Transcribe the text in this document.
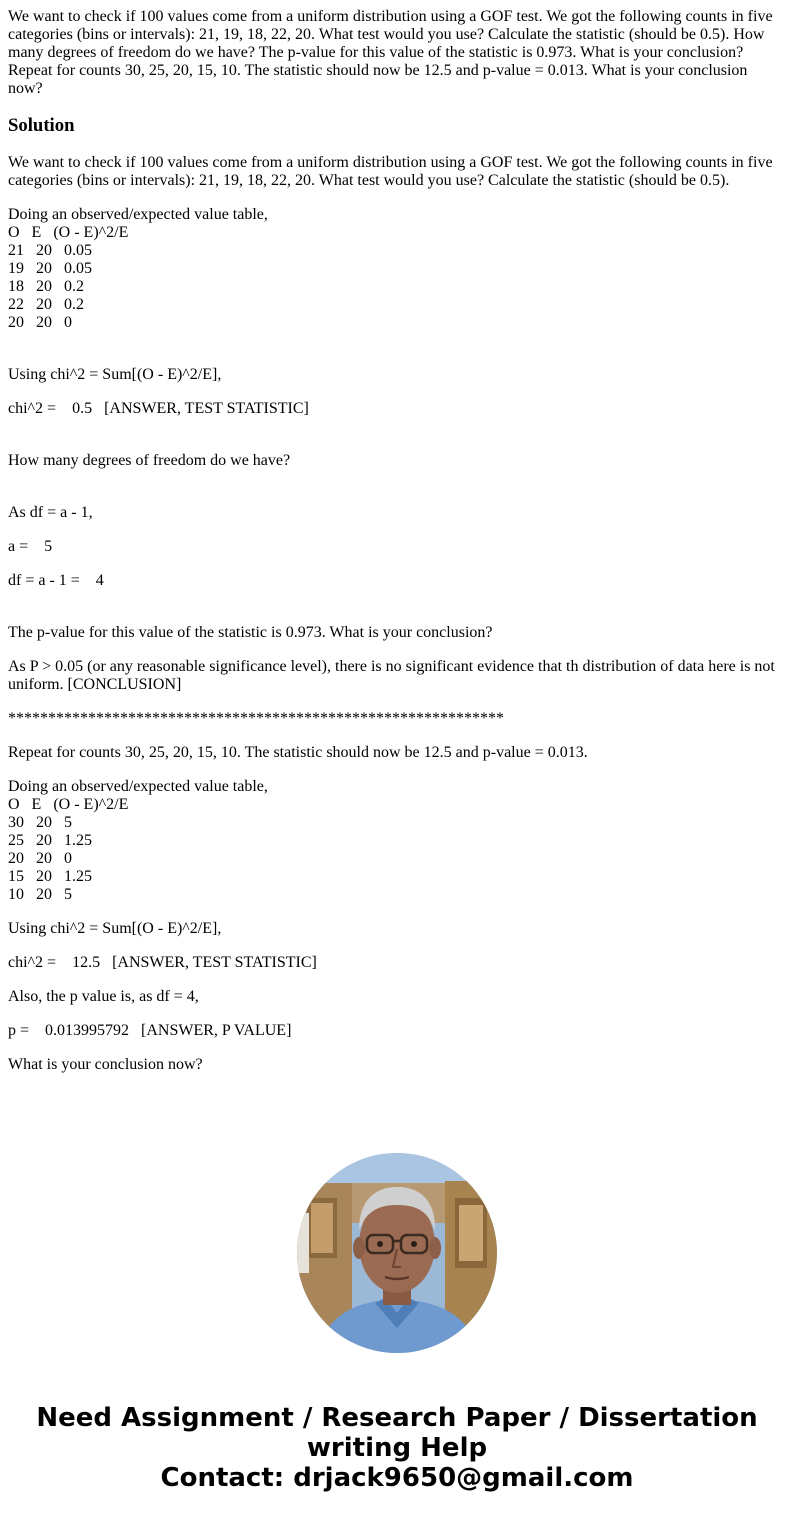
We want to check if 100 values come from a uniform distribution using a GOF test. We got the following counts in five categories (bins or intervals): 21, 19, 18, 22, 20. What test would you use? Calculate the statistic (should be 0.5). How many degrees of freedom do we have? The p-value for this value of the statistic is 0.973. What is your conclusion? Repeat for counts 30, 25, 20, 15, 10. The statistic should now be 12.5 and p-value = 0.013. What is your conclusion now?

Solution

We want to check if 100 values come from a uniform distribution using a GOF test. We got the following counts in five categories (bins or intervals): 21, 19, 18, 22, 20. What test would you use? Calculate the statistic (should be 0.5).

Doing an observed/expected value table,
O   E   (O - E)^2/E
21   20   0.05
19   20   0.05
18   20   0.2
22   20   0.2
20   20   0
Using chi^2 = Sum[(O - E)^2/E],
chi^2 =    0.5   [ANSWER, TEST STATISTIC]
How many degrees of freedom do we have?
As df = a - 1,
a =    5
df = a - 1 =    4
The p-value for this value of the statistic is 0.973. What is your conclusion?

As P > 0.05 (or any reasonable significance level), there is no significant evidence that th distribution of data here is not uniform. [CONCLUSION]

**************************************************************
Repeat for counts 30, 25, 20, 15, 10. The statistic should now be 12.5 and p-value = 0.013.
Doing an observed/expected value table,
O   E   (O - E)^2/E
30   20   5
25   20   1.25
20   20   0
15   20   1.25
10   20   5
Using chi^2 = Sum[(O - E)^2/E],
chi^2 =    12.5   [ANSWER, TEST STATISTIC]
Also, the p value is, as df = 4,
p =    0.013995792   [ANSWER, P VALUE]
What is your conclusion now?
Need Assignment / Research Paper / Dissertation
writing Help
Contact: drjack9650@gmail.com
